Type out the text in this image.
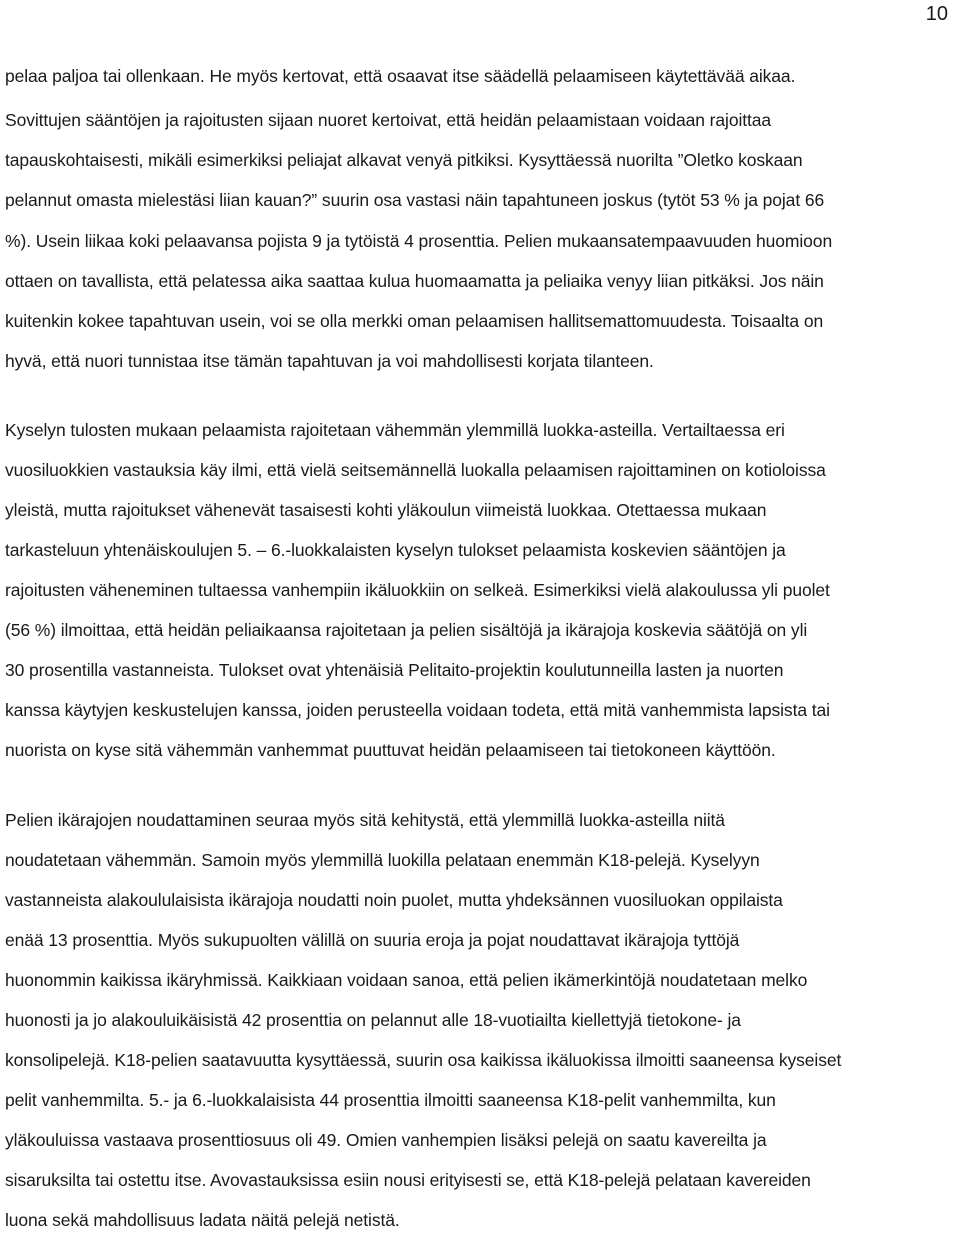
10
pelaa paljoa tai ollenkaan. He myös kertovat, että osaavat itse säädellä pelaamiseen käytettävää aikaa.
Sovittujen sääntöjen ja rajoitusten sijaan nuoret kertoivat, että heidän pelaamistaan voidaan rajoittaa
tapauskohtaisesti, mikäli esimerkiksi peliajat alkavat venyä pitkiksi. Kysyttäessä nuorilta ”Oletko koskaan
pelannut omasta mielestäsi liian kauan?” suurin osa vastasi näin tapahtuneen joskus (tytöt 53 % ja pojat 66
%). Usein liikaa koki pelaavansa pojista 9 ja tytöistä 4 prosenttia. Pelien mukaansatempaavuuden huomioon
ottaen on tavallista, että pelatessa aika saattaa kulua huomaamatta ja peliaika venyy liian pitkäksi. Jos näin
kuitenkin kokee tapahtuvan usein, voi se olla merkki oman pelaamisen hallitsemattomuudesta. Toisaalta on
hyvä, että nuori tunnistaa itse tämän tapahtuvan ja voi mahdollisesti korjata tilanteen.
Kyselyn tulosten mukaan pelaamista rajoitetaan vähemmän ylemmillä luokka-asteilla. Vertailtaessa eri
vuosiluokkien vastauksia käy ilmi, että vielä seitsemännellä luokalla pelaamisen rajoittaminen on kotioloissa
yleistä, mutta rajoitukset vähenevät tasaisesti kohti yläkoulun viimeistä luokkaa. Otettaessa mukaan
tarkasteluun yhtenäiskoulujen 5. – 6.-luokkalaisten kyselyn tulokset pelaamista koskevien sääntöjen ja
rajoitusten väheneminen tultaessa vanhempiin ikäluokkiin on selkeä. Esimerkiksi vielä alakoulussa yli puolet
(56 %) ilmoittaa, että heidän peliaikaansa rajoitetaan ja pelien sisältöjä ja ikärajoja koskevia säätöjä on yli
30 prosentilla vastanneista. Tulokset ovat yhtenäisiä Pelitaito-projektin koulutunneilla lasten ja nuorten
kanssa käytyjen keskustelujen kanssa, joiden perusteella voidaan todeta, että mitä vanhemmista lapsista tai
nuorista on kyse sitä vähemmän vanhemmat puuttuvat heidän pelaamiseen tai tietokoneen käyttöön.
Pelien ikärajojen noudattaminen seuraa myös sitä kehitystä, että ylemmillä luokka-asteilla niitä
noudatetaan vähemmän. Samoin myös ylemmillä luokilla pelataan enemmän K18-pelejä. Kyselyyn
vastanneista alakoululaisista ikärajoja noudatti noin puolet, mutta yhdeksännen vuosiluokan oppilaista
enää 13 prosenttia. Myös sukupuolten välillä on suuria eroja ja pojat noudattavat ikärajoja tyttöjä
huonommin kaikissa ikäryhmissä. Kaikkiaan voidaan sanoa, että pelien ikämerkintöjä noudatetaan melko
huonosti ja jo alakouluikäisistä 42 prosenttia on pelannut alle 18-vuotiailta kiellettyjä tietokone- ja
konsolipelejä. K18-pelien saatavuutta kysyttäessä, suurin osa kaikissa ikäluokissa ilmoitti saaneensa kyseiset
pelit vanhemmilta. 5.- ja 6.-luokkalaisista 44 prosenttia ilmoitti saaneensa K18-pelit vanhemmilta, kun
yläkouluissa vastaava prosenttiosuus oli 49. Omien vanhempien lisäksi pelejä on saatu kavereilta ja
sisaruksilta tai ostettu itse. Avovastauksissa esiin nousi erityisesti se, että K18-pelejä pelataan kavereiden
luona sekä mahdollisuus ladata näitä pelejä netistä.
